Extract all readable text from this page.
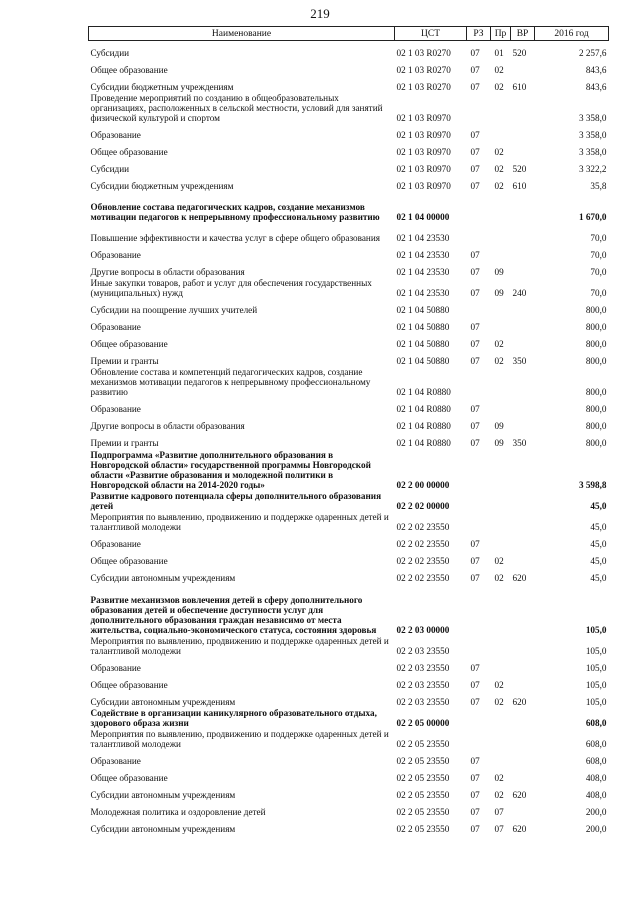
219
Наименование	ЦСТ	РЗ	Пр	ВР	2016 год
Субсидии	02 1 03 R0270	07	01	520	2 257,6
Общее образование	02 1 03 R0270	07	02		843,6
Субсидии бюджетным учреждениям	02 1 03 R0270	07	02	610	843,6
Проведение мероприятий по созданию в общеобразовательных организациях, расположенных в сельской местности, условий для занятий физической культурой и спортом	02 1 03 R0970				3 358,0
Образование	02 1 03 R0970	07			3 358,0
Общее образование	02 1 03 R0970	07	02		3 358,0
Субсидии	02 1 03 R0970	07	02	520	3 322,2
Субсидии бюджетным учреждениям	02 1 03 R0970	07	02	610	35,8
Обновление состава педагогических кадров, создание механизмов мотивации педагогов к непрерывному профессиональному развитию	02 1 04 00000				1 670,0
Повышение эффективности и качества услуг в сфере общего образования	02 1 04 23530				70,0
Образование	02 1 04 23530	07			70,0
Другие вопросы в области образования	02 1 04 23530	07	09		70,0
Иные закупки товаров, работ и услуг для обеспечения государственных (муниципальных) нужд	02 1 04 23530	07	09	240	70,0
Субсидии на поощрение лучших учителей	02 1 04 50880				800,0
Образование	02 1 04 50880	07			800,0
Общее образование	02 1 04 50880	07	02		800,0
Премии и гранты	02 1 04 50880	07	02	350	800,0
Обновление состава и компетенций педагогических кадров, создание механизмов мотивации педагогов к непрерывному профессиональному развитию	02 1 04 R0880				800,0
Образование	02 1 04 R0880	07			800,0
Другие вопросы в области образования	02 1 04 R0880	07	09		800,0
Премии и гранты	02 1 04 R0880	07	09	350	800,0
Подпрограмма «Развитие дополнительного образования в Новгородской области» государственной программы Новгородской области «Развитие образования и молодежной политики в Новгородской области на 2014-2020 годы»	02 2 00 00000				3 598,8
Развитие кадрового потенциала сферы дополнительного образования детей	02 2 02 00000				45,0
Мероприятия по выявлению, продвижению и поддержке одаренных детей и талантливой молодежи	02 2 02 23550				45,0
Образование	02 2 02 23550	07			45,0
Общее образование	02 2 02 23550	07	02		45,0
Субсидии автономным учреждениям	02 2 02 23550	07	02	620	45,0
Развитие механизмов вовлечения детей в сферу дополнительного образования детей и обеспечение доступности услуг для дополнительного образования граждан независимо от места жительства, социально-экономического статуса, состояния здоровья	02 2 03 00000				105,0
Мероприятия по выявлению, продвижению и поддержке одаренных детей и талантливой молодежи	02 2 03 23550				105,0
Образование	02 2 03 23550	07			105,0
Общее образование	02 2 03 23550	07	02		105,0
Субсидии автономным учреждениям	02 2 03 23550	07	02	620	105,0
Содействие в организации каникулярного образовательного отдыха, здорового образа жизни	02 2 05 00000				608,0
Мероприятия по выявлению, продвижению и поддержке одаренных детей и талантливой молодежи	02 2 05 23550				608,0
Образование	02 2 05 23550	07			608,0
Общее образование	02 2 05 23550	07	02		408,0
Субсидии автономным учреждениям	02 2 05 23550	07	02	620	408,0
Молодежная политика и оздоровление детей	02 2 05 23550	07	07		200,0
Субсидии автономным учреждениям	02 2 05 23550	07	07	620	200,0
